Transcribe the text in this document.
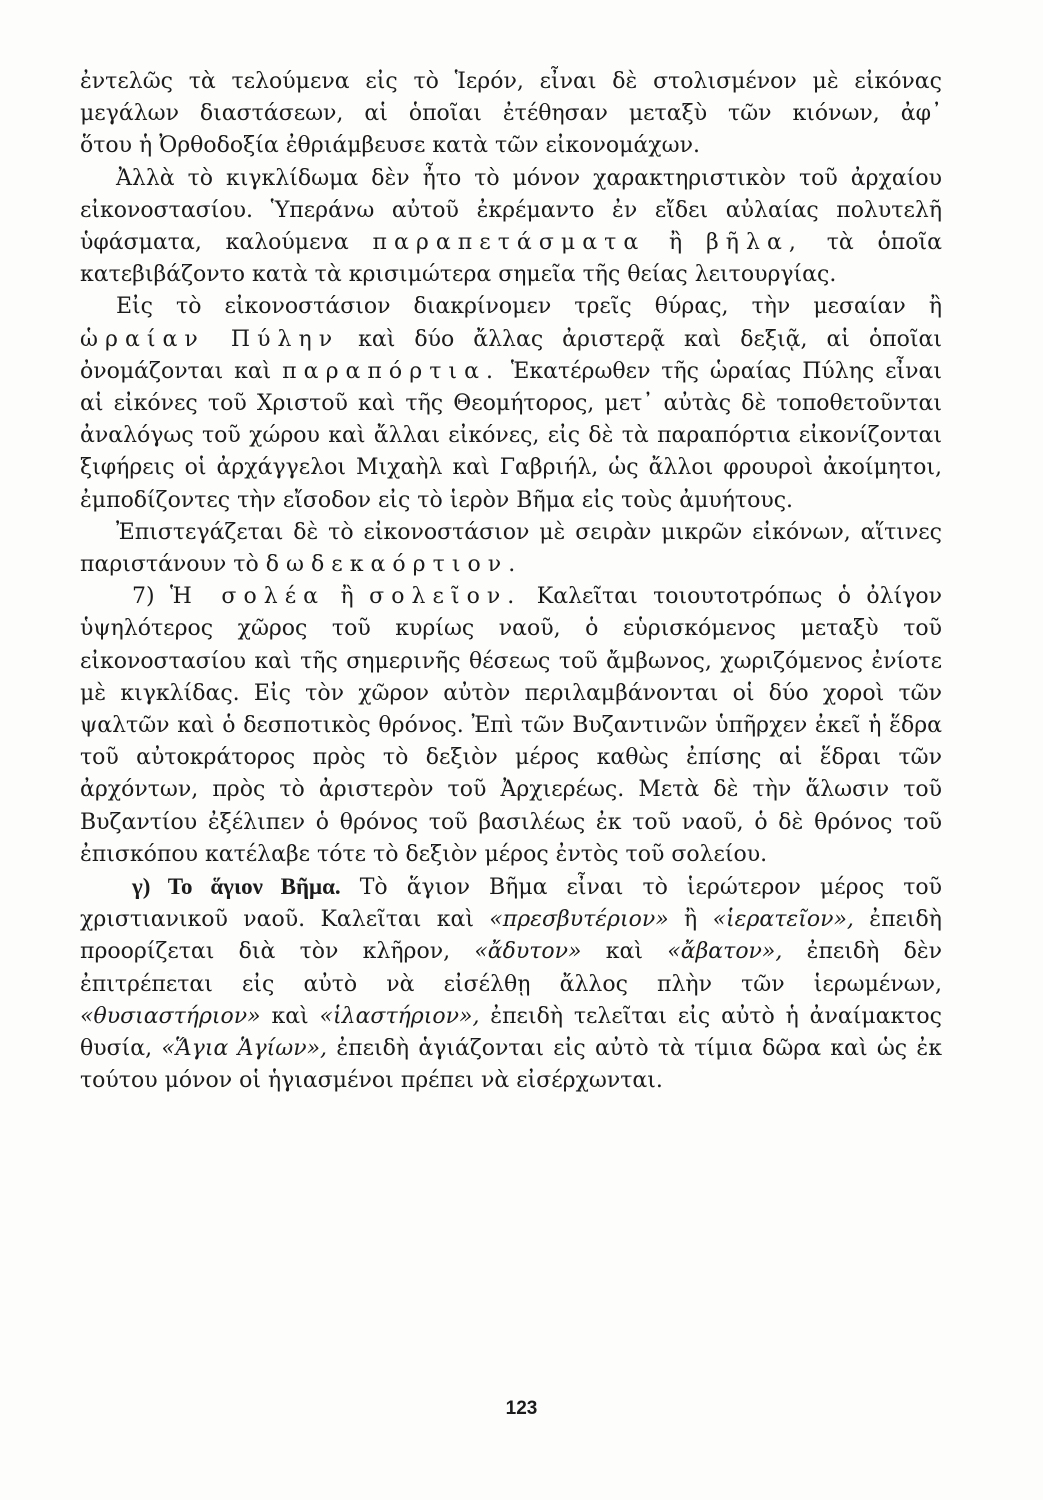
ἐντελῶς τὰ τελούμενα εἰς τὸ Ἱερόν, εἶναι δὲ στολισμένον μὲ εἰκόνας μεγάλων διαστάσεων, αἱ ὁποῖαι ἐτέθησαν μεταξὺ τῶν κιόνων, ἀφ᾿

ὅτου ἡ Ὀρθοδοξία ἐθριάμβευσε κατὰ τῶν εἰκονομάχων.

Ἀλλὰ τὸ κιγκλίδωμα δὲν ἦτο τὸ μόνον χαρακτηριστικὸν τοῦ ἀρχαίου εἰκονοστασίου. Ὑπεράνω αὐτοῦ ἐκρέμαντο ἐν εἴδει αὐλαίας πολυτελῆ ὑφάσματα, καλούμενα παραπετάσματα ἢ βῆλα, τὰ ὁποῖα κατεβιβάζοντο κατὰ τὰ κρισιμώτερα σημεῖα τῆς θείας λειτουργίας.

Εἰς τὸ εἰκονοστάσιον διακρίνομεν τρεῖς θύρας, τὴν μεσαίαν ἢ ὡραίαν Πύλην καὶ δύο ἄλλας ἀριστερᾷ καὶ δεξιᾷ, αἱ ὁποῖαι ὀνομάζονται καὶ παραπόρτια. Ἑκατέρωθεν τῆς ὡραίας Πύλης εἶναι αἱ εἰκόνες τοῦ Χριστοῦ καὶ τῆς Θεομήτορος, μετ᾿ αὐτὰς δὲ τοποθετοῦνται ἀναλόγως τοῦ χώρου καὶ ἄλλαι εἰκόνες, εἰς δὲ τὰ παραπόρτια εἰκονίζονται ξιφήρεις οἱ ἀρχάγγελοι Μιχαὴλ καὶ Γαβριήλ, ὡς ἄλλοι φρουροὶ ἀκοίμητοι, ἐμποδίζοντες τὴν εἴσοδον εἰς τὸ ἱερὸν Βῆμα εἰς τοὺς ἀμυήτους.

Ἐπιστεγάζεται δὲ τὸ εἰκονοστάσιον μὲ σειρὰν μικρῶν εἰκόνων, αἵτινες παριστάνουν τὸ δωδεκαόρτιον.

7) Ἡ σολέα ἢ σολεῖον. Καλεῖται τοιουτοτρόπως ὁ ὀλίγον ὑψηλότερος χῶρος τοῦ κυρίως ναοῦ, ὁ εὑρισκόμενος μεταξὺ τοῦ εἰκονοστασίου καὶ τῆς σημερινῆς θέσεως τοῦ ἄμβωνος, χωριζόμενος ἐνίοτε μὲ κιγκλίδας. Εἰς τὸν χῶρον αὐτὸν περιλαμβάνονται οἱ δύο χοροὶ τῶν ψαλτῶν καὶ ὁ δεσποτικὸς θρόνος. Ἐπὶ τῶν Βυζαντινῶν ὑπῆρχεν ἐκεῖ ἡ ἕδρα τοῦ αὐτοκράτορος πρὸς τὸ δεξιὸν μέρος καθὼς ἐπίσης αἱ ἕδραι τῶν ἀρχόντων, πρὸς τὸ ἀριστερὸν τοῦ Ἀρχιερέως. Μετὰ δὲ τὴν ἅλωσιν τοῦ Βυζαντίου ἐξέλιπεν ὁ θρόνος τοῦ βασιλέως ἐκ τοῦ ναοῦ, ὁ δὲ θρόνος τοῦ ἐπισκόπου κατέλαβε τότε τὸ δεξιὸν μέρος ἐντὸς τοῦ σολείου.

γ) Το ἅγιον Βῆμα. Τὸ ἅγιον Βῆμα εἶναι τὸ ἱερώτερον μέρος τοῦ χριστιανικοῦ ναοῦ. Καλεῖται καὶ «πρεσβυτέριον» ἢ «ἱερατεῖον», ἐπειδὴ προορίζεται διὰ τὸν κλῆρον, «ἄδυτον» καὶ «ἄβατον», ἐπειδὴ δὲν ἐπιτρέπεται εἰς αὐτὸ νὰ εἰσέλθῃ ἄλλος πλὴν τῶν ἱερωμένων, «θυσιαστήριον» καὶ «ἱλαστήριον», ἐπειδὴ τελεῖται εἰς αὐτὸ ἡ ἀναίμακτος θυσία, «Ἅγια Ἁγίων», ἐπειδὴ ἁγιάζονται εἰς αὐτὸ τὰ τίμια δῶρα καὶ ὡς ἐκ τούτου μόνον οἱ ἡγιασμένοι πρέπει νὰ εἰσέρχωνται.

123
